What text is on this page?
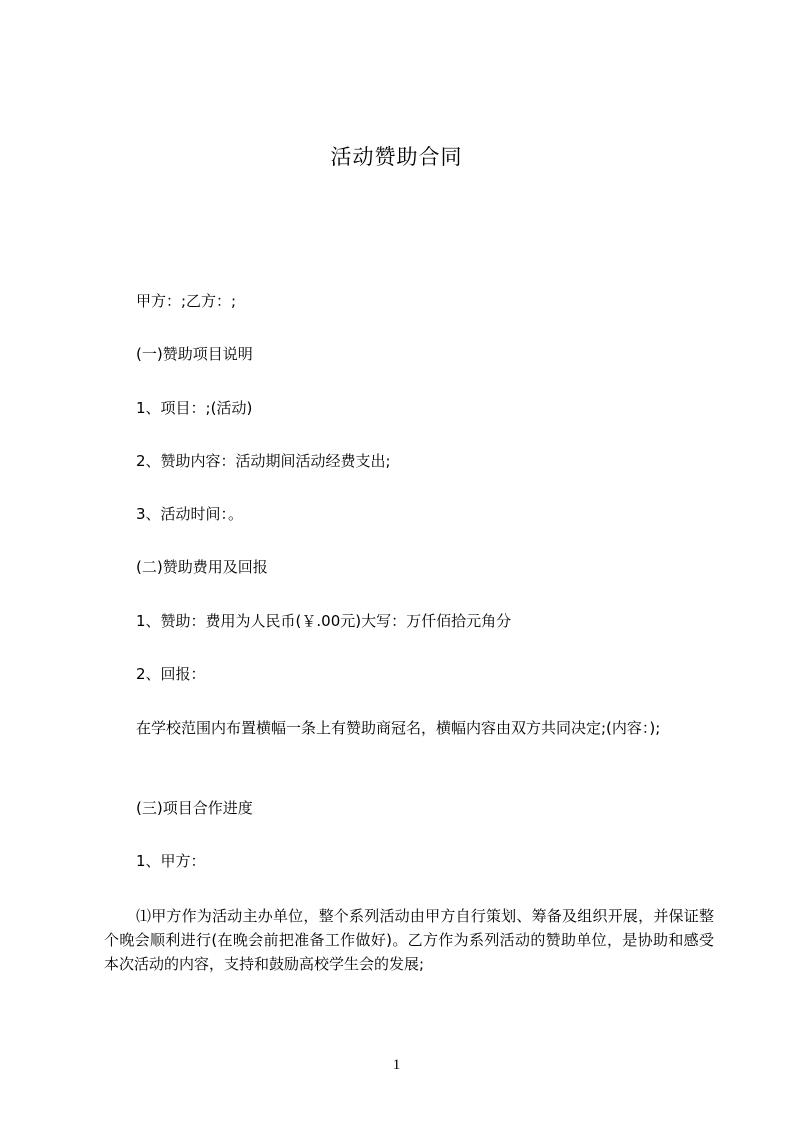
活动赞助合同
甲方：;乙方：;
(一)赞助项目说明
1、项目：;(活动)
2、赞助内容：活动期间活动经费支出;
3、活动时间：。
(二)赞助费用及回报
1、赞助：费用为人民币(￥.00元)大写：万仟佰拾元角分
2、回报：
在学校范围内布置横幅一条上有赞助商冠名，横幅内容由双方共同决定;(内容：);
(三)项目合作进度
1、甲方：
⑴甲方作为活动主办单位，整个系列活动由甲方自行策划、筹备及组织开展，并保证整个晚会顺利进行(在晚会前把准备工作做好)。乙方作为系列活动的赞助单位，是协助和感受本次活动的内容，支持和鼓励高校学生会的发展;
1
